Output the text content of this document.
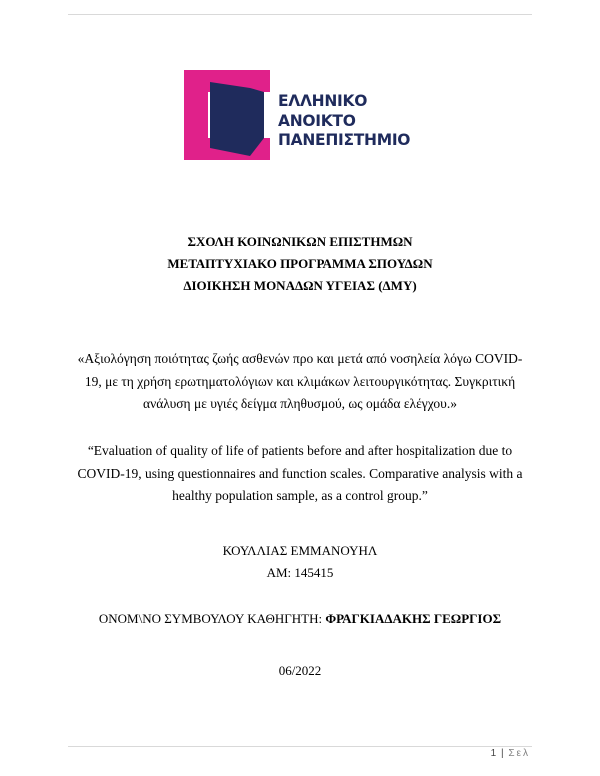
ΕΛΛΗΝΙΚΟ
ΑΝΟΙΚΤΟ
ΠΑΝΕΠΙΣΤΗΜΙΟ
ΣΧΟΛΗ ΚΟΙΝΩΝΙΚΩΝ ΕΠΙΣΤΗΜΩΝ
ΜΕΤΑΠΤΥΧΙΑΚΟ ΠΡΟΓΡΑΜΜΑ ΣΠΟΥΔΩΝ
ΔΙΟΙΚΗΣΗ ΜΟΝΑΔΩΝ ΥΓΕΙΑΣ (ΔΜΥ)
«Αξιολόγηση ποιότητας ζωής ασθενών προ και μετά από νοσηλεία λόγω COVID-
19, με τη χρήση ερωτηματολόγιων και κλιμάκων λειτουργικότητας. Συγκριτική
ανάλυση με υγιές δείγμα πληθυσμού, ως ομάδα ελέγχου.»
“Evaluation of quality of life of patients before and after hospitalization due to
COVID-19, using questionnaires and function scales. Comparative analysis with a
healthy population sample, as a control group.”
ΚΟΥΛΛΙΑΣ ΕΜΜΑΝΟΥΗΛ
ΑΜ: 145415
ΟΝΟΜ\ΝΟ ΣΥΜΒΟΥΛΟΥ ΚΑΘΗΓΗΤΗ: ΦΡΑΓΚΙΑΔΑΚΗΣ ΓΕΩΡΓΙΟΣ
06/2022
1 | Σελ
